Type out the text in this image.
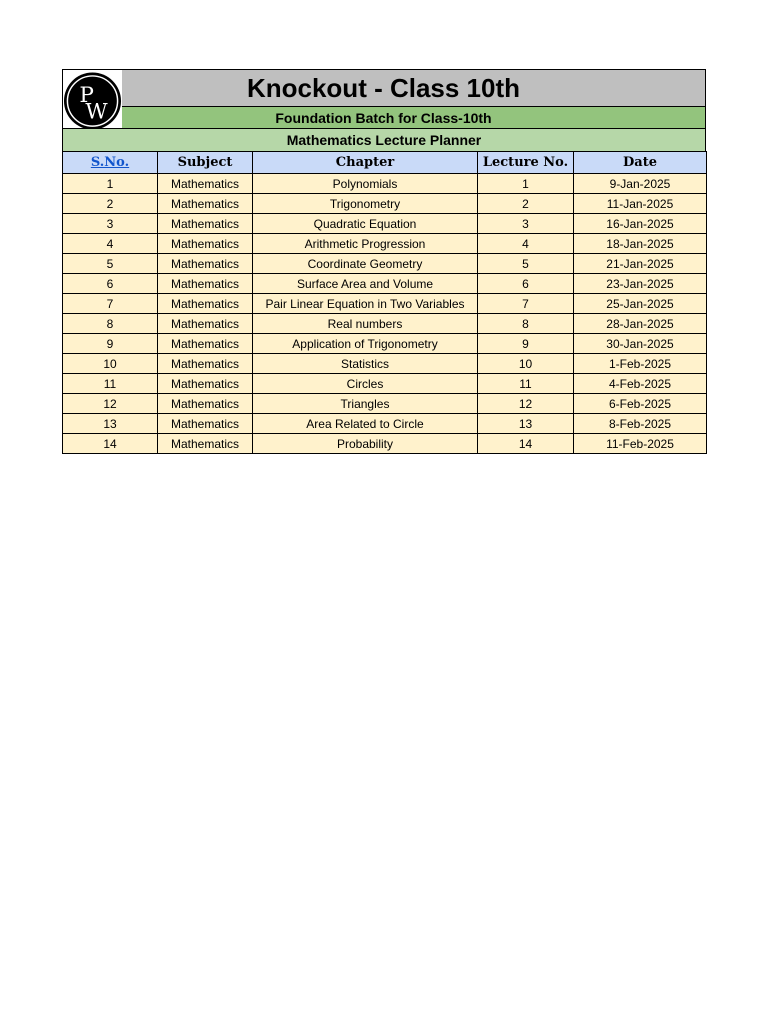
P
W
Knockout - Class 10th
Foundation Batch for Class-10th
Mathematics Lecture Planner
S.No.	Subject	Chapter	Lecture No.	Date
1	Mathematics	Polynomials	1	9-Jan-2025
2	Mathematics	Trigonometry	2	11-Jan-2025
3	Mathematics	Quadratic Equation	3	16-Jan-2025
4	Mathematics	Arithmetic Progression	4	18-Jan-2025
5	Mathematics	Coordinate Geometry	5	21-Jan-2025
6	Mathematics	Surface Area and Volume	6	23-Jan-2025
7	Mathematics	Pair Linear Equation in Two Variables	7	25-Jan-2025
8	Mathematics	Real numbers	8	28-Jan-2025
9	Mathematics	Application of Trigonometry	9	30-Jan-2025
10	Mathematics	Statistics	10	1-Feb-2025
11	Mathematics	Circles	11	4-Feb-2025
12	Mathematics	Triangles	12	6-Feb-2025
13	Mathematics	Area Related to Circle	13	8-Feb-2025
14	Mathematics	Probability	14	11-Feb-2025
